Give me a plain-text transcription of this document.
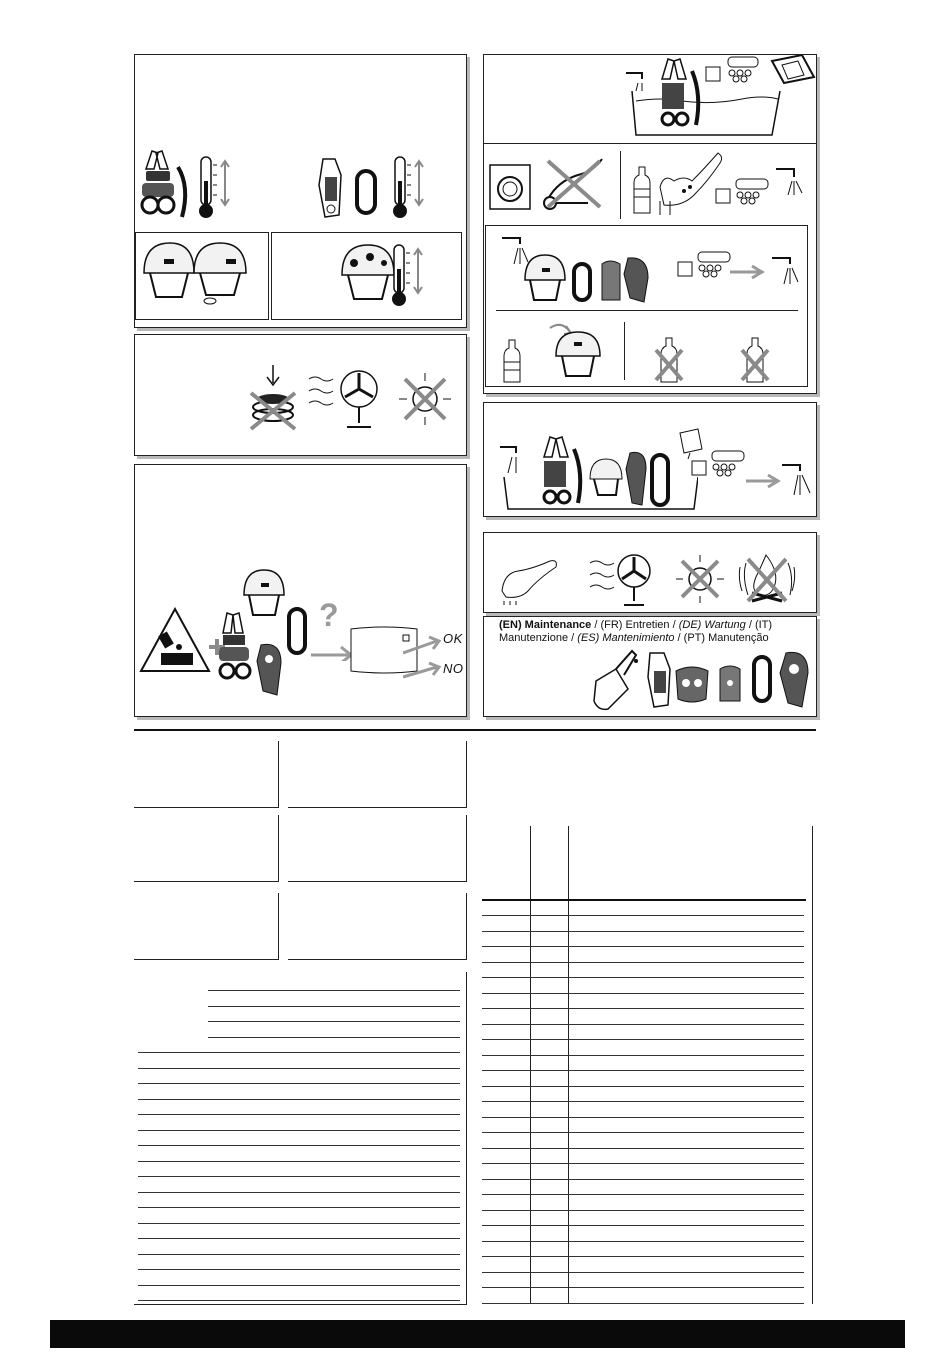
?
OK
NO
(EN) Maintenance / (FR) Entretien / (DE) Wartung / (IT) Manutenzione / (ES) Mantenimiento / (PT) Manutenção
